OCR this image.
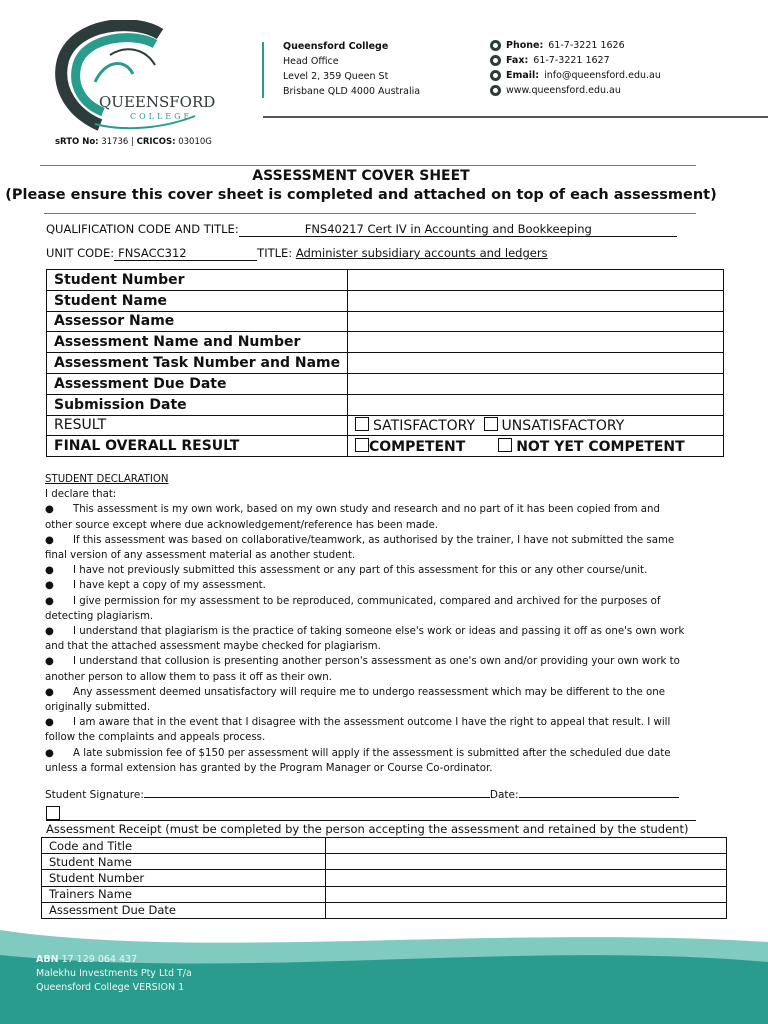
QUEENSFORD
COLLEGE
sRTO No: 31736 | CRICOS: 03010G
Queensford College
Head Office
Level 2, 359 Queen St
Brisbane QLD 4000 Australia
Phone: 61-7-3221 1626
Fax: 61-7-3221 1627
Email: info@queensford.edu.au
www.queensford.edu.au
ASSESSMENT COVER SHEET
(Please ensure this cover sheet is completed and attached on top of each assessment)
QUALIFICATION CODE AND TITLE:	FNS40217 Cert IV in Accounting and Bookkeeping
UNIT CODE: FNSACC312	TITLE: Administer subsidiary accounts and ledgers
Student Number	
Student Name	
Assessor Name	
Assessment Name and Number	
Assessment Task Number and Name	
Assessment Due Date	
Submission Date	
RESULT	SATISFACTORY UNSATISFACTORY
FINAL OVERALL RESULT	COMPETENT NOT YET COMPETENT
STUDENT DECLARATION
I declare that:
● This assessment is my own work, based on my own study and research and no part of it has been copied from and other source except where due acknowledgement/reference has been made.
● If this assessment was based on collaborative/teamwork, as authorised by the trainer, I have not submitted the same final version of any assessment material as another student.
● I have not previously submitted this assessment or any part of this assessment for this or any other course/unit.
● I have kept a copy of my assessment.
● I give permission for my assessment to be reproduced, communicated, compared and archived for the purposes of detecting plagiarism.
● I understand that plagiarism is the practice of taking someone else's work or ideas and passing it off as one's own work and that the attached assessment maybe checked for plagiarism.
● I understand that collusion is presenting another person's assessment as one's own and/or providing your own work to another person to allow them to pass it off as their own.
● Any assessment deemed unsatisfactory will require me to undergo reassessment which may be different to the one originally submitted.
● I am aware that in the event that I disagree with the assessment outcome I have the right to appeal that result. I will follow the complaints and appeals process.
● A late submission fee of $150 per assessment will apply if the assessment is submitted after the scheduled due date unless a formal extension has granted by the Program Manager or Course Co-ordinator.
Student Signature:	Date:
Assessment Receipt (must be completed by the person accepting the assessment and retained by the student)
Code and Title	
Student Name	
Student Number	
Trainers Name	
Assessment Due Date	
ABN 17 129 064 437
Malekhu Investments Pty Ltd T/a
Queensford College VERSION 1
